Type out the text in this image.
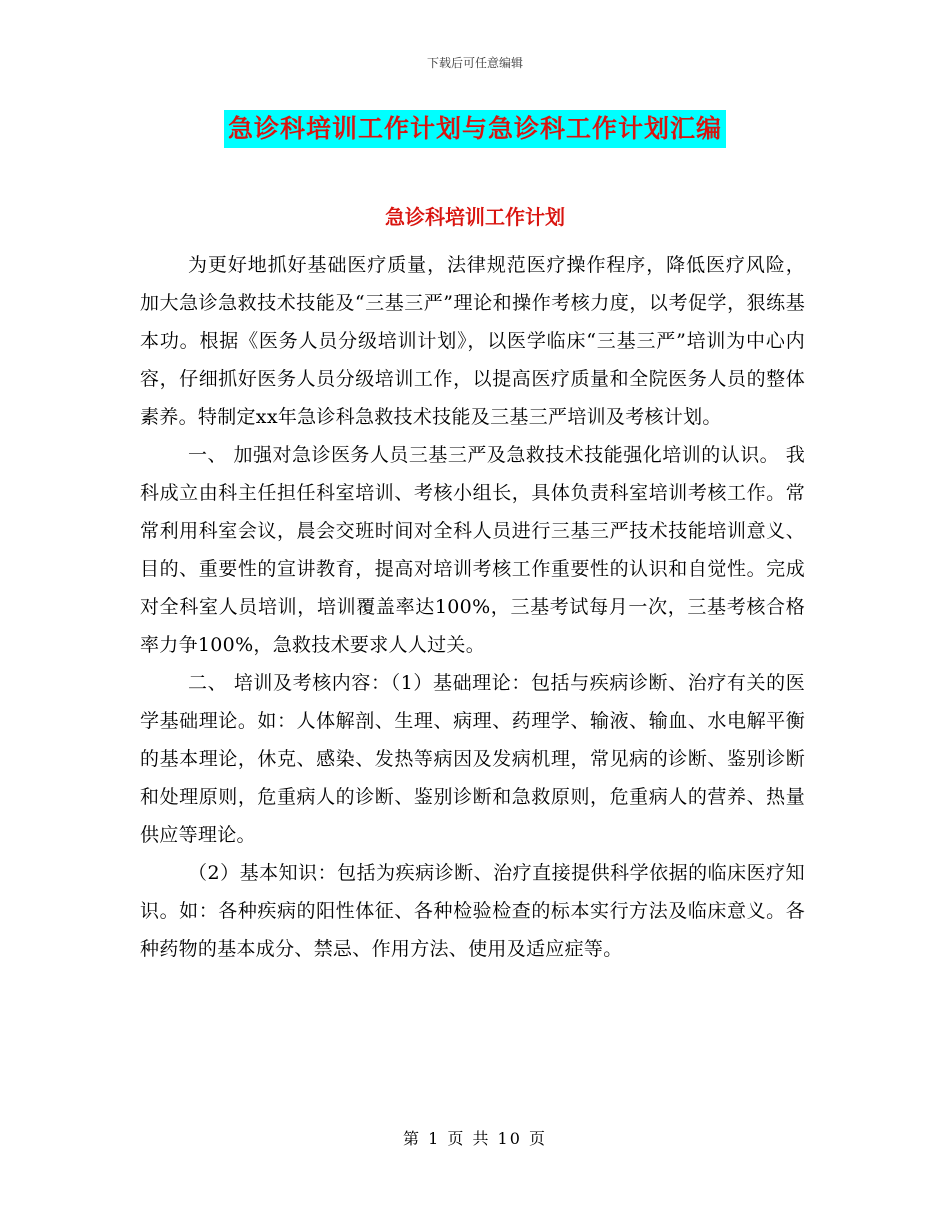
下载后可任意编辑
急诊科培训工作计划与急诊科工作计划汇编
急诊科培训工作计划

为更好地抓好基础医疗质量，法律规范医疗操作程序，降低医疗风险，加大急诊急救技术技能及“三基三严”理论和操作考核力度，以考促学，狠练基本功。根据《医务人员分级培训计划》，以医学临床“三基三严”培训为中心内容，仔细抓好医务人员分级培训工作，以提高医疗质量和全院医务人员的整体素养。特制定xx年急诊科急救技术技能及三基三严培训及考核计划。

一、 加强对急诊医务人员三基三严及急救技术技能强化培训的认识。 我科成立由科主任担任科室培训、考核小组长，具体负责科室培训考核工作。常常利用科室会议，晨会交班时间对全科人员进行三基三严技术技能培训意义、目的、重要性的宣讲教育，提高对培训考核工作重要性的认识和自觉性。完成对全科室人员培训，培训覆盖率达100%，三基考试每月一次，三基考核合格率力争100%，急救技术要求人人过关。

二、 培训及考核内容：（1）基础理论：包括与疾病诊断、治疗有关的医学基础理论。如：人体解剖、生理、病理、药理学、输液、输血、水电解平衡的基本理论，休克、感染、发热等病因及发病机理，常见病的诊断、鉴别诊断和处理原则，危重病人的诊断、鉴别诊断和急救原则，危重病人的营养、热量供应等理论。

（2）基本知识：包括为疾病诊断、治疗直接提供科学依据的临床医疗知识。如：各种疾病的阳性体征、各种检验检查的标本实行方法及临床意义。各种药物的基本成分、禁忌、作用方法、使用及适应症等。

第 1 页 共 10 页
